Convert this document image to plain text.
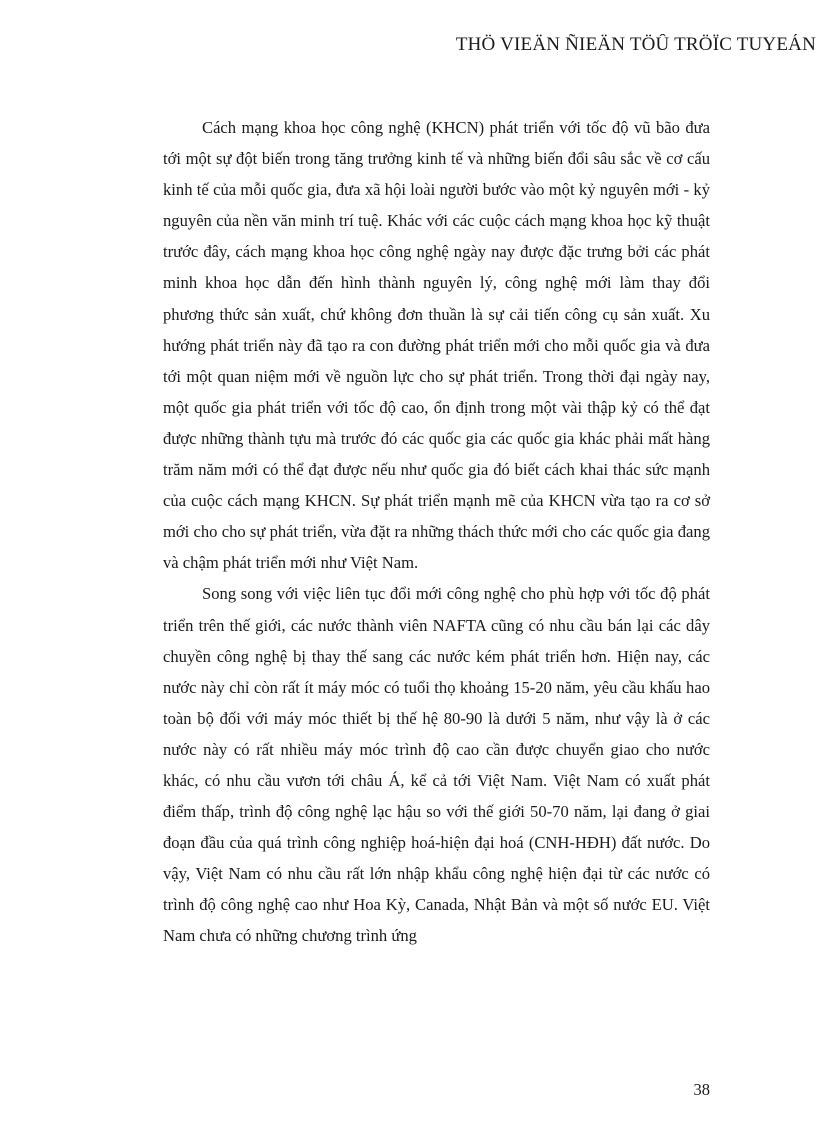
THÖ VIEÄN ÑIEÄN TÖÛ TRÖÏC TUYEÁN

Cách mạng khoa học công nghệ (KHCN) phát triển với tốc độ vũ bão đưa tới một sự đột biến trong tăng trưởng kinh tế và những biến đổi sâu sắc về cơ cấu kinh tế của mỗi quốc gia, đưa xã hội loài người bước vào một kỷ nguyên mới - kỷ nguyên của nền văn minh trí tuệ. Khác với các cuộc cách mạng khoa học kỹ thuật trước đây, cách mạng khoa học công nghệ ngày nay được đặc trưng bởi các phát minh khoa học dẫn đến hình thành nguyên lý, công nghệ mới làm thay đổi phương thức sản xuất, chứ không đơn thuần là sự cải tiến công cụ sản xuất. Xu hướng phát triển này đã tạo ra con đường phát triển mới cho mỗi quốc gia và đưa tới một quan niệm mới về nguồn lực cho sự phát triển. Trong thời đại ngày nay, một quốc gia phát triển với tốc độ cao, ổn định trong một vài thập kỷ có thể đạt được những thành tựu mà trước đó các quốc gia các quốc gia khác phải mất hàng trăm năm mới có thể đạt được nếu như quốc gia đó biết cách khai thác sức mạnh của cuộc cách mạng KHCN. Sự phát triển mạnh mẽ của KHCN vừa tạo ra cơ sở mới cho cho sự phát triển, vừa đặt ra những thách thức mới cho các quốc gia đang và chậm phát triển mới như Việt Nam.

Song song với việc liên tục đổi mới công nghệ cho phù hợp với tốc độ phát triển trên thế giới, các nước thành viên NAFTA cũng có nhu cầu bán lại các dây chuyền công nghệ bị thay thế sang các nước kém phát triển hơn. Hiện nay, các nước này chỉ còn rất ít máy móc có tuổi thọ khoảng 15-20 năm, yêu cầu khấu hao toàn bộ đối với máy móc thiết bị thế hệ 80-90 là dưới 5 năm, như vậy là ở các nước này có rất nhiều máy móc trình độ cao cần được chuyển giao cho nước khác, có nhu cầu vươn tới châu Á, kể cả tới Việt Nam. Việt Nam có xuất phát điểm thấp, trình độ công nghệ lạc hậu so với thế giới 50-70 năm, lại đang ở giai đoạn đầu của quá trình công nghiệp hoá-hiện đại hoá (CNH-HĐH) đất nước. Do vậy, Việt Nam có nhu cầu rất lớn nhập khẩu công nghệ hiện đại từ các nước có trình độ công nghệ cao như Hoa Kỳ, Canada, Nhật Bản và một số nước EU. Việt Nam chưa có những chương trình ứng

38
